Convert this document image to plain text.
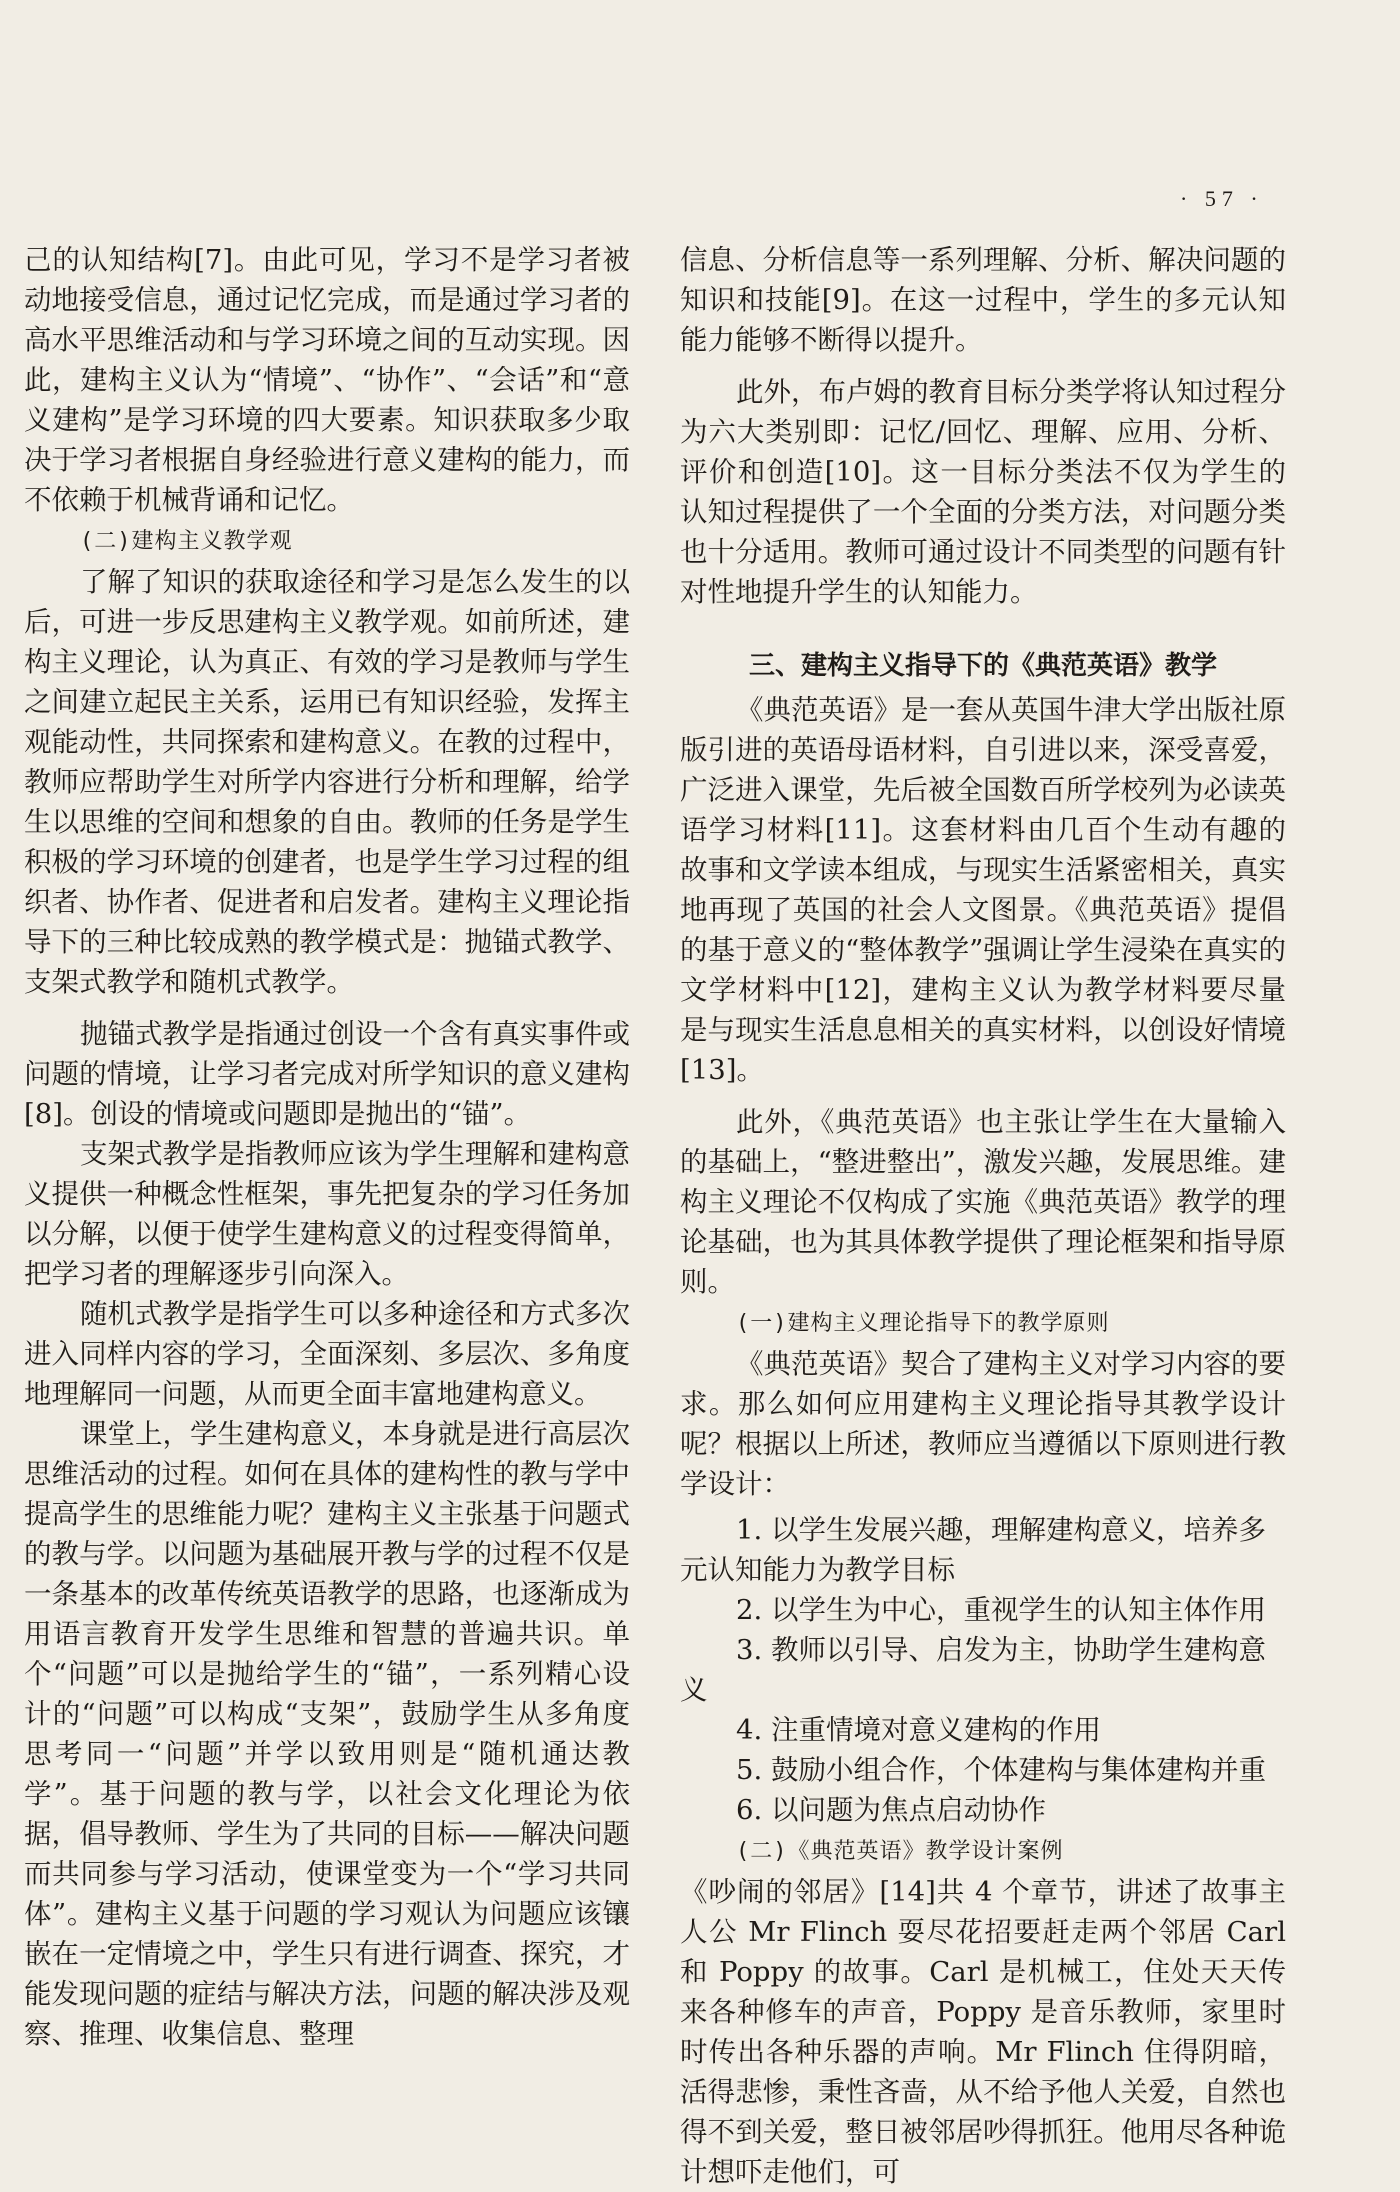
· 57 ·

己的认知结构[7]。由此可见，学习不是学习者被动地接受信息，通过记忆完成，而是通过学习者的高水平思维活动和与学习环境之间的互动实现。因此，建构主义认为“情境”、“协作”、“会话”和“意义建构”是学习环境的四大要素。知识获取多少取决于学习者根据自身经验进行意义建构的能力，而不依赖于机械背诵和记忆。

(二)建构主义教学观

了解了知识的获取途径和学习是怎么发生的以后，可进一步反思建构主义教学观。如前所述，建构主义理论，认为真正、有效的学习是教师与学生之间建立起民主关系，运用已有知识经验，发挥主观能动性，共同探索和建构意义。在教的过程中，教师应帮助学生对所学内容进行分析和理解，给学生以思维的空间和想象的自由。教师的任务是学生积极的学习环境的创建者，也是学生学习过程的组织者、协作者、促进者和启发者。建构主义理论指导下的三种比较成熟的教学模式是：抛锚式教学、支架式教学和随机式教学。

抛锚式教学是指通过创设一个含有真实事件或问题的情境，让学习者完成对所学知识的意义建构[8]。创设的情境或问题即是抛出的“锚”。

支架式教学是指教师应该为学生理解和建构意义提供一种概念性框架，事先把复杂的学习任务加以分解，以便于使学生建构意义的过程变得简单，把学习者的理解逐步引向深入。

随机式教学是指学生可以多种途径和方式多次进入同样内容的学习，全面深刻、多层次、多角度地理解同一问题，从而更全面丰富地建构意义。

课堂上，学生建构意义，本身就是进行高层次思维活动的过程。如何在具体的建构性的教与学中提高学生的思维能力呢？建构主义主张基于问题式的教与学。以问题为基础展开教与学的过程不仅是一条基本的改革传统英语教学的思路，也逐渐成为用语言教育开发学生思维和智慧的普遍共识。单个“问题”可以是抛给学生的“锚”，一系列精心设计的“问题”可以构成“支架”，鼓励学生从多角度思考同一“问题”并学以致用则是“随机通达教学”。基于问题的教与学，以社会文化理论为依据，倡导教师、学生为了共同的目标——解决问题而共同参与学习活动，使课堂变为一个“学习共同体”。建构主义基于问题的学习观认为问题应该镶嵌在一定情境之中，学生只有进行调查、探究，才能发现问题的症结与解决方法，问题的解决涉及观察、推理、收集信息、整理

信息、分析信息等一系列理解、分析、解决问题的知识和技能[9]。在这一过程中，学生的多元认知能力能够不断得以提升。

此外，布卢姆的教育目标分类学将认知过程分为六大类别即：记忆/回忆、理解、应用、分析、评价和创造[10]。这一目标分类法不仅为学生的认知过程提供了一个全面的分类方法，对问题分类也十分适用。教师可通过设计不同类型的问题有针对性地提升学生的认知能力。

三、建构主义指导下的《典范英语》教学

《典范英语》是一套从英国牛津大学出版社原版引进的英语母语材料，自引进以来，深受喜爱，广泛进入课堂，先后被全国数百所学校列为必读英语学习材料[11]。这套材料由几百个生动有趣的故事和文学读本组成，与现实生活紧密相关，真实地再现了英国的社会人文图景。《典范英语》提倡的基于意义的“整体教学”强调让学生浸染在真实的文学材料中[12]，建构主义认为教学材料要尽量是与现实生活息息相关的真实材料，以创设好情境[13]。

此外，《典范英语》也主张让学生在大量输入的基础上，“整进整出”，激发兴趣，发展思维。建构主义理论不仅构成了实施《典范英语》教学的理论基础，也为其具体教学提供了理论框架和指导原则。

(一)建构主义理论指导下的教学原则

《典范英语》契合了建构主义对学习内容的要求。那么如何应用建构主义理论指导其教学设计呢？根据以上所述，教师应当遵循以下原则进行教学设计：

1. 以学生发展兴趣，理解建构意义，培养多元认知能力为教学目标

2. 以学生为中心，重视学生的认知主体作用

3. 教师以引导、启发为主，协助学生建构意义

4. 注重情境对意义建构的作用

5. 鼓励小组合作，个体建构与集体建构并重

6. 以问题为焦点启动协作

(二)《典范英语》教学设计案例

《吵闹的邻居》[14]共 4 个章节，讲述了故事主人公 Mr Flinch 耍尽花招要赶走两个邻居 Carl 和 Poppy 的故事。Carl 是机械工，住处天天传来各种修车的声音，Poppy 是音乐教师，家里时时传出各种乐器的声响。Mr Flinch 住得阴暗，活得悲惨，秉性吝啬，从不给予他人关爱，自然也得不到关爱，整日被邻居吵得抓狂。他用尽各种诡计想吓走他们，可
